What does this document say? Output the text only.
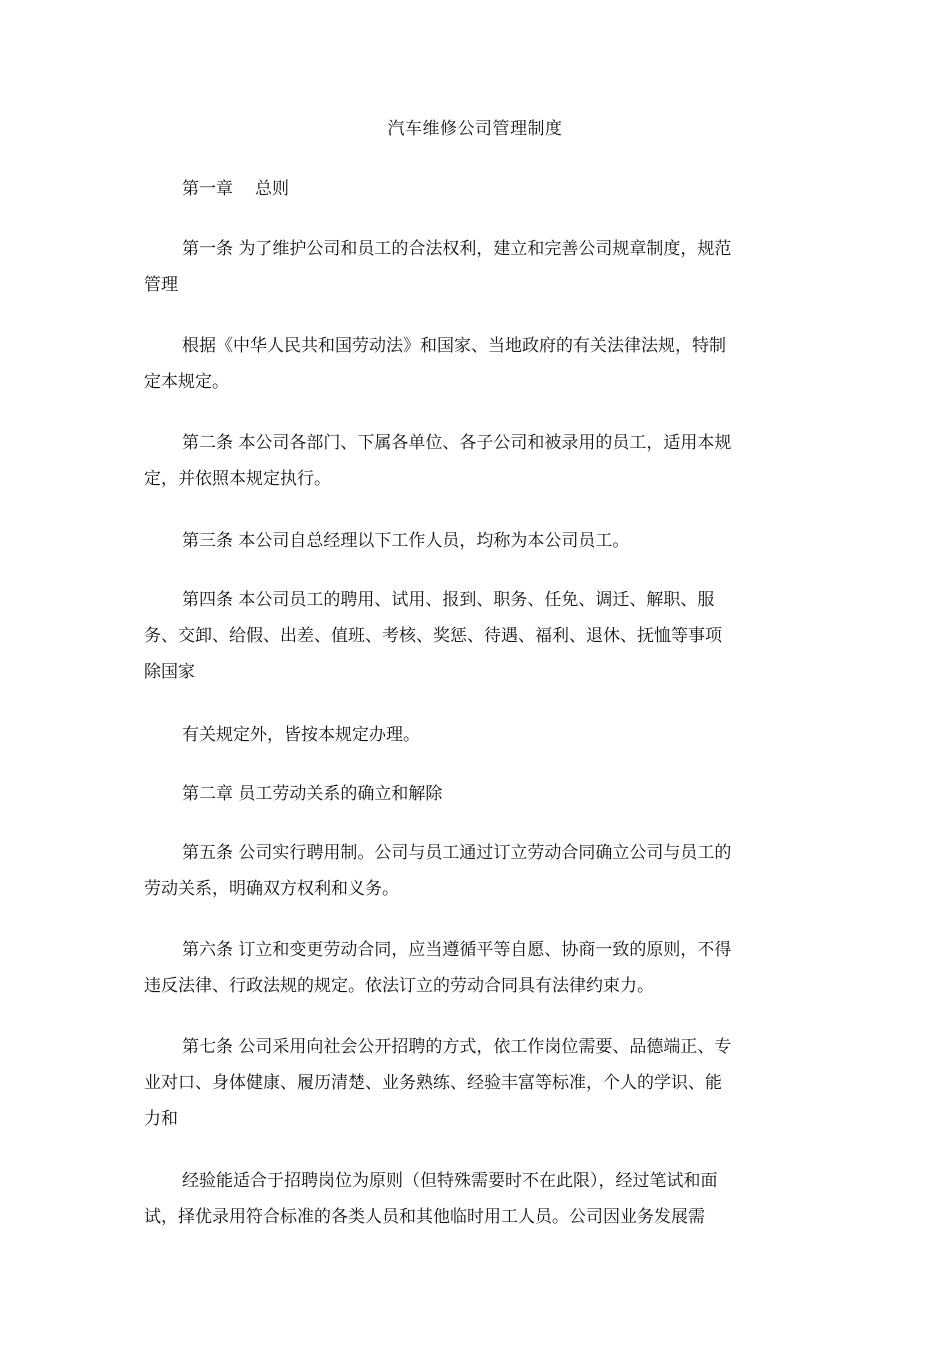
汽车维修公司管理制度
第一章 总则
第一条 为了维护公司和员工的合法权利，建立和完善公司规章制度，规范
管理
根据《中华人民共和国劳动法》和国家、当地政府的有关法律法规，特制
定本规定。
第二条 本公司各部门、下属各单位、各子公司和被录用的员工，适用本规
定，并依照本规定执行。
第三条 本公司自总经理以下工作人员，均称为本公司员工。
第四条 本公司员工的聘用、试用、报到、职务、任免、调迁、解职、服
务、交卸、给假、出差、值班、考核、奖惩、待遇、福利、退休、抚恤等事项
除国家
有关规定外，皆按本规定办理。
第二章 员工劳动关系的确立和解除
第五条 公司实行聘用制。公司与员工通过订立劳动合同确立公司与员工的
劳动关系，明确双方权利和义务。
第六条 订立和变更劳动合同，应当遵循平等自愿、协商一致的原则，不得
违反法律、行政法规的规定。依法订立的劳动合同具有法律约束力。
第七条 公司采用向社会公开招聘的方式，依工作岗位需要、品德端正、专
业对口、身体健康、履历清楚、业务熟练、经验丰富等标准，个人的学识、能
力和
经验能适合于招聘岗位为原则（但特殊需要时不在此限），经过笔试和面
试，择优录用符合标准的各类人员和其他临时用工人员。公司因业务发展需
